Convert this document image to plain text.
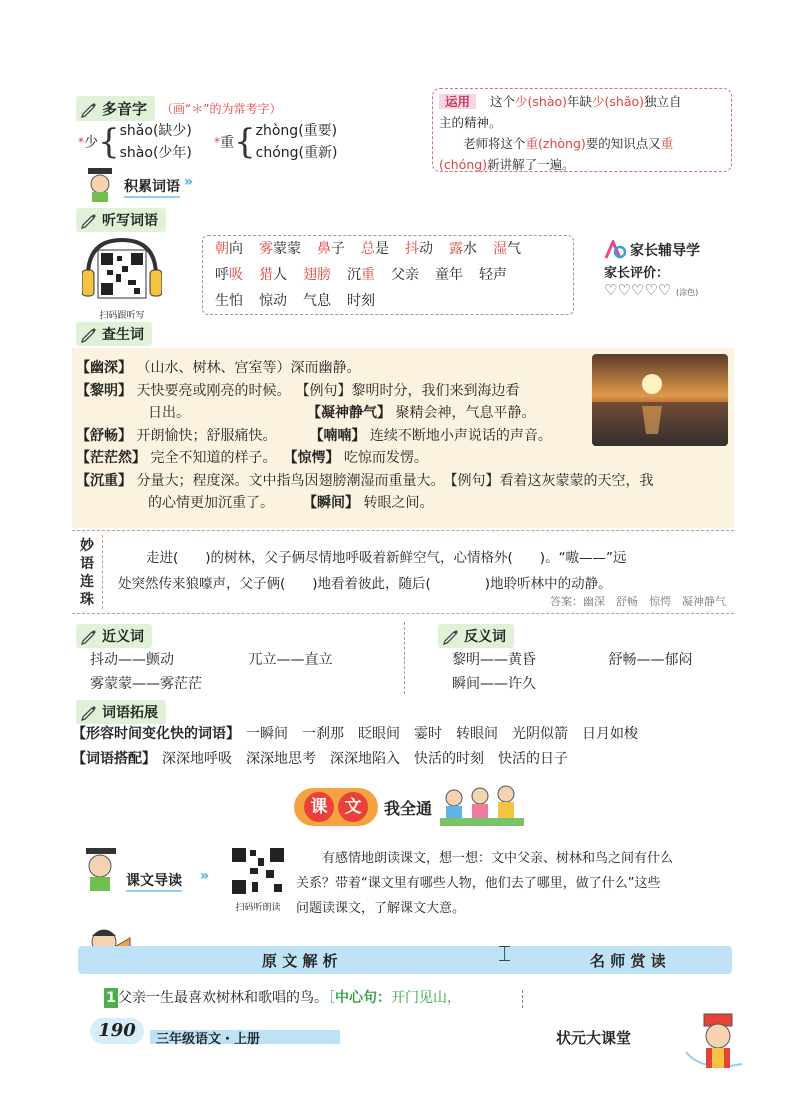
多音字 （画“＊”的为常考字）
* 少 { shǎo(缺少)
shào(少年)
* 重 { zhòng(重要)
chóng(重新)
运用 这个少(shào)年缺少(shǎo)独立自
主的精神。
老师将这个重(zhòng)要的知识点又重
(chóng)新讲解了一遍。
积累词语 »
听写词语
扫码跟听写
朝向 雾蒙蒙 鼻子 总是 抖动 露水 湿气
呼吸 猎人 翅膀 沉重 父亲 童年 轻声
生怕 惊动 气息 时刻
家长辅导学
家长评价：
♡♡♡♡♡ (涂色)
查生词
【幽深】 （山水、树林、宫室等）深而幽静。
【黎明】 天快要亮或刚亮的时候。 【例句】黎明时分，我们来到海边看
日出。	【凝神静气】 聚精会神，气息平静。
【舒畅】 开朗愉快；舒服痛快。	【喃喃】 连续不断地小声说话的声音。
【茫茫然】 完全不知道的样子。 【惊愕】 吃惊而发愣。
【沉重】 分量大；程度深。文中指鸟因翅膀潮湿而重量大。 【例句】看着这灰蒙蒙的天空，我
的心情更加沉重了。	【瞬间】 转眼之间。
妙
语
连
珠
走进(　　)的树林，父子俩尽情地呼吸着新鲜空气，心情格外(　　)。“嗷——”远
处突然传来狼嚎声，父子俩(　　)地看着彼此，随后(　　　　)地聆听林中的动静。
答案：幽深　舒畅　惊愕　凝神静气
近义词
抖动——颤动	兀立——直立
雾蒙蒙——雾茫茫
反义词
黎明——黄昏	舒畅——郁闷
瞬间——许久
词语拓展
【形容时间变化快的词语】 一瞬间　一刹那　眨眼间　霎时　转眼间　光阴似箭　日月如梭
【词语搭配】 深深地呼吸　深深地思考　深深地陷入　快活的时刻　快活的日子
课	文	我全通
课文导读 »
扫码听朗读
有感情地朗读课文，想一想：文中父亲、树林和鸟之间有什么
关系？带着“课文里有哪些人物，他们去了哪里，做了什么”这些
问题读课文，了解课文大意。
原 文 解 析	⌶	名 师 赏 读
1 父亲一生最喜欢树林和歌唱的鸟。［中心句：开门见山，
190	三年级语文・上册	状元大课堂
